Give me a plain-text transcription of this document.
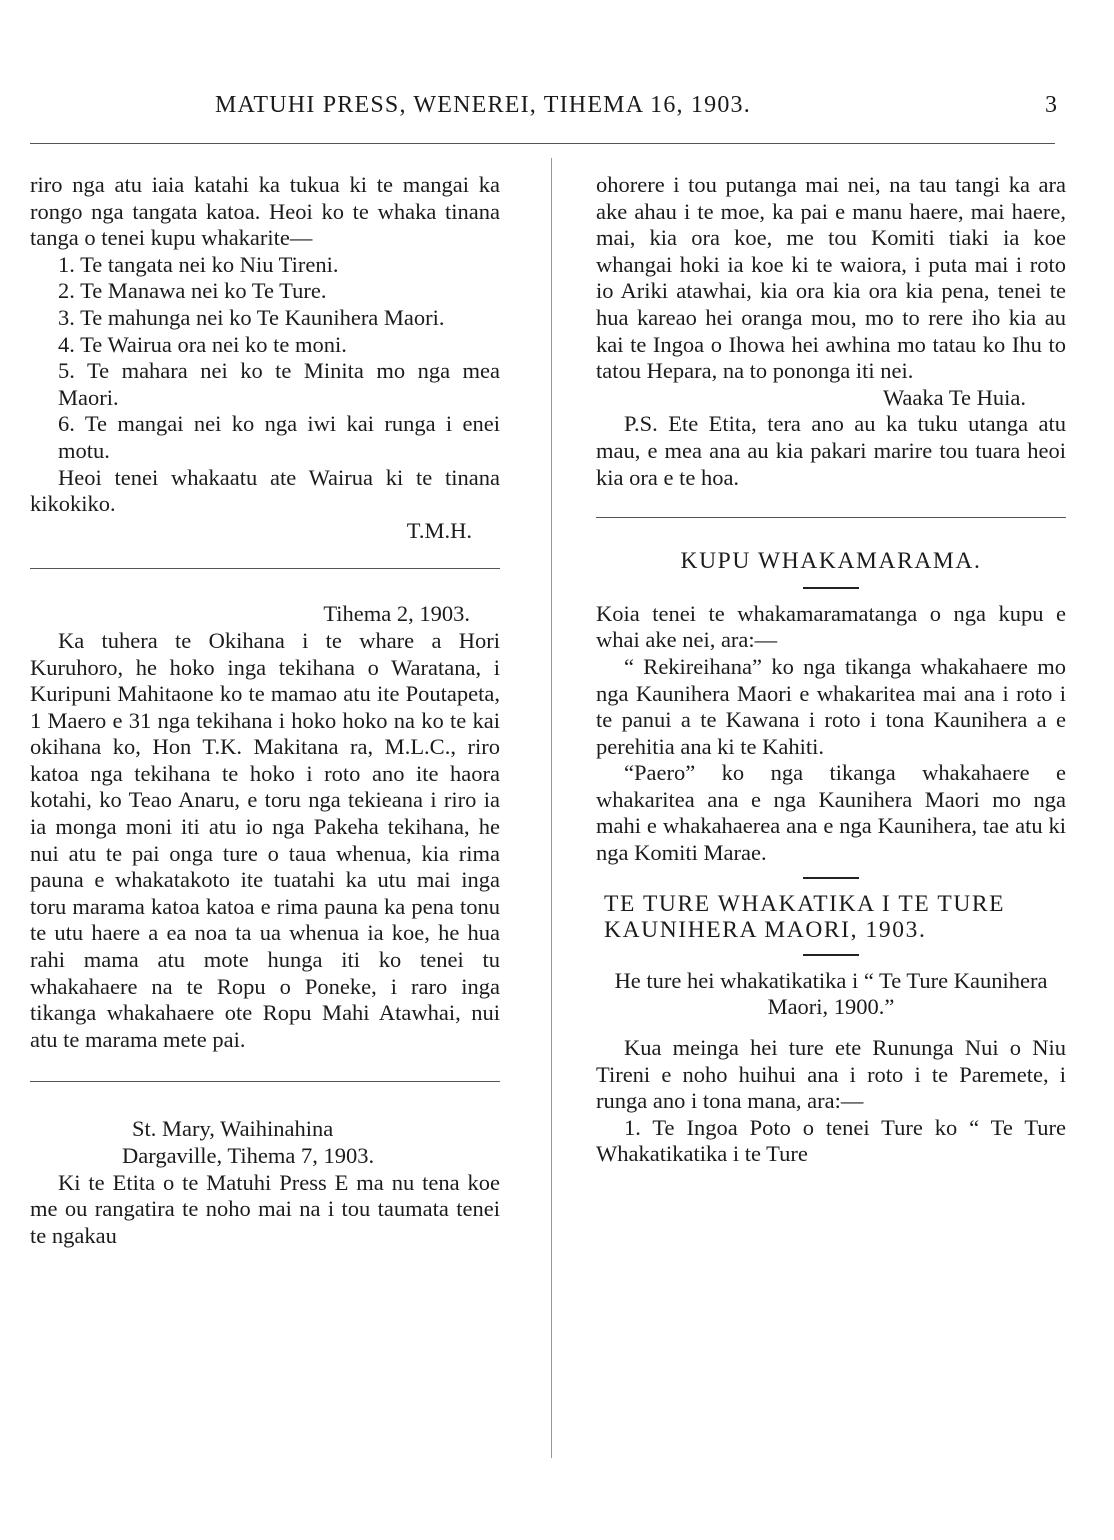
MATUHI PRESS, WENEREI, TIHEMA 16, 1903.	3

riro nga atu iaia katahi ka tukua ki te mangai ka rongo nga tangata katoa. Heoi ko te whaka tinana tanga o tenei kupu whakarite—

1. Te tangata nei ko Niu Tireni.

2. Te Manawa nei ko Te Ture.

3. Te mahunga nei ko Te Kaunihera Maori.

4. Te Wairua ora nei ko te moni.

5. Te mahara nei ko te Minita mo nga mea Maori.

6. Te mangai nei ko nga iwi kai runga i enei motu.

Heoi tenei whakaatu ate Wairua ki te tinana kikokiko.

T.M.H.

Tihema 2, 1903.

Ka tuhera te Okihana i te whare a Hori Kuruhoro, he hoko inga tekihana o Waratana, i Kuripuni Mahitaone ko te mamao atu ite Poutapeta, 1 Maero e 31 nga tekihana i hoko hoko na ko te kai okihana ko, Hon T.K. Makitana ra, M.L.C., riro katoa nga tekihana te hoko i roto ano ite haora kotahi, ko Teao Anaru, e toru nga tekieana i riro ia ia monga moni iti atu io nga Pakeha tekihana, he nui atu te pai onga ture o taua whenua, kia rima pauna e whakatakoto ite tuatahi ka utu mai inga toru marama katoa katoa e rima pauna ka pena tonu te utu haere a ea noa ta ua whenua ia koe, he hua rahi mama atu mote hunga iti ko tenei tu whakahaere na te Ropu o Poneke, i raro inga tikanga whakahaere ote Ropu Mahi Atawhai, nui atu te marama mete pai.

St. Mary, Waihinahina

Dargaville, Tihema 7, 1903.

Ki te Etita o te Matuhi Press E ma nu tena koe me ou rangatira te noho mai na i tou taumata tenei te ngakau

ohorere i tou putanga mai nei, na tau tangi ka ara ake ahau i te moe, ka pai e manu haere, mai haere, mai, kia ora koe, me tou Komiti tiaki ia koe whangai hoki ia koe ki te waiora, i puta mai i roto io Ariki atawhai, kia ora kia ora kia pena, tenei te hua kareao hei oranga mou, mo to rere iho kia au kai te Ingoa o Ihowa hei awhina mo tatau ko Ihu to tatou Hepara, na to pononga iti nei.

Waaka Te Huia.

P.S. Ete Etita, tera ano au ka tuku utanga atu mau, e mea ana au kia pakari marire tou tuara heoi kia ora e te hoa.

KUPU WHAKAMARAMA.

Koia tenei te whakamaramatanga o nga kupu e whai ake nei, ara:—

“ Rekireihana” ko nga tikanga whakahaere mo nga Kaunihera Maori e whakaritea mai ana i roto i te panui a te Kawana i roto i tona Kaunihera a e perehitia ana ki te Kahiti.

“Paero” ko nga tikanga whakahaere e whakaritea ana e nga Kaunihera Maori mo nga mahi e whakahaerea ana e nga Kaunihera, tae atu ki nga Komiti Marae.

TE TURE WHAKATIKA I TE TURE KAUNIHERA MAORI, 1903.

He ture hei whakatikatika i “ Te Ture Kaunihera Maori, 1900.”

Kua meinga hei ture ete Rununga Nui o Niu Tireni e noho huihui ana i roto i te Paremete, i runga ano i tona mana, ara:—

1. Te Ingoa Poto o tenei Ture ko “ Te Ture Whakatikatika i te Ture
